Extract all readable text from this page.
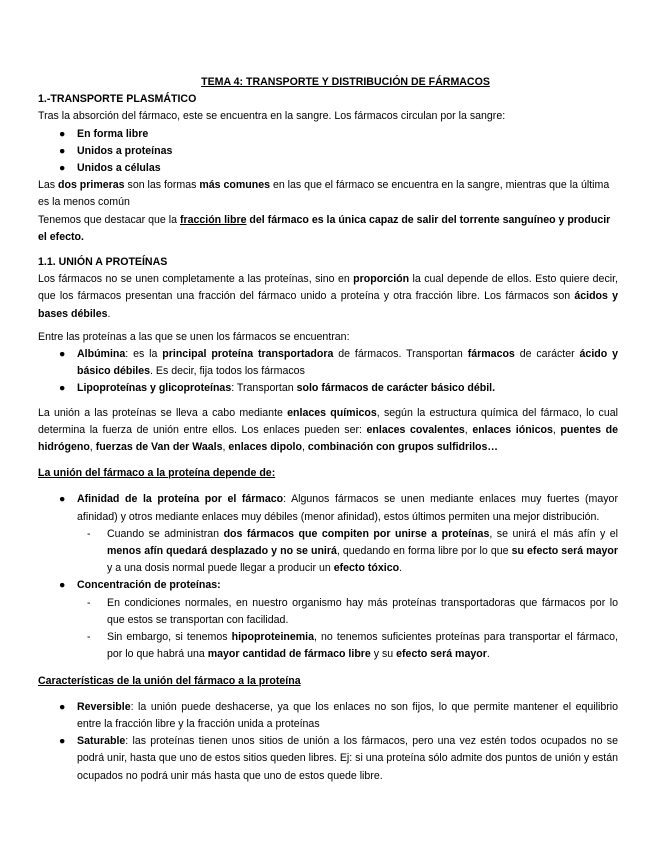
TEMA 4: TRANSPORTE Y DISTRIBUCIÓN DE FÁRMACOS
1.-TRANSPORTE PLASMÁTICO
Tras la absorción del fármaco, este se encuentra en la sangre. Los fármacos circulan por la sangre:
● En forma libre
● Unidos a proteínas
● Unidos a células
Las dos primeras son las formas más comunes en las que el fármaco se encuentra en la sangre, mientras que la última es la menos común
Tenemos que destacar que la fracción libre del fármaco es la única capaz de salir del torrente sanguíneo y producir el efecto.
1.1. UNIÓN A PROTEÍNAS
Los fármacos no se unen completamente a las proteínas, sino en proporción la cual depende de ellos. Esto quiere decir, que los fármacos presentan una fracción del fármaco unido a proteína y otra fracción libre. Los fármacos son ácidos y bases débiles.
Entre las proteínas a las que se unen los fármacos se encuentran:
● Albúmina: es la principal proteína transportadora de fármacos. Transportan fármacos de carácter ácido y básico débiles. Es decir, fija todos los fármacos
● Lipoproteínas y glicoproteínas: Transportan solo fármacos de carácter básico débil.
La unión a las proteínas se lleva a cabo mediante enlaces químicos, según la estructura química del fármaco, lo cual determina la fuerza de unión entre ellos. Los enlaces pueden ser: enlaces covalentes, enlaces iónicos, puentes de hidrógeno, fuerzas de Van der Waals, enlaces dipolo, combinación con grupos sulfidrilos…
La unión del fármaco a la proteína depende de:
● Afinidad de la proteína por el fármaco: Algunos fármacos se unen mediante enlaces muy fuertes (mayor afinidad) y otros mediante enlaces muy débiles (menor afinidad), estos últimos permiten una mejor distribución.
- Cuando se administran dos fármacos que compiten por unirse a proteínas, se unirá el más afín y el menos afín quedará desplazado y no se unirá, quedando en forma libre por lo que su efecto será mayor y a una dosis normal puede llegar a producir un efecto tóxico.
● Concentración de proteínas:
- En condiciones normales, en nuestro organismo hay más proteínas transportadoras que fármacos por lo que estos se transportan con facilidad.
- Sin embargo, si tenemos hipoproteinemia, no tenemos suficientes proteínas para transportar el fármaco, por lo que habrá una mayor cantidad de fármaco libre y su efecto será mayor.
Características de la unión del fármaco a la proteína
● Reversible: la unión puede deshacerse, ya que los enlaces no son fijos, lo que permite mantener el equilibrio entre la fracción libre y la fracción unida a proteínas
● Saturable: las proteínas tienen unos sitios de unión a los fármacos, pero una vez estén todos ocupados no se podrá unir, hasta que uno de estos sitios queden libres. Ej: si una proteína sólo admite dos puntos de unión y están ocupados no podrá unir más hasta que uno de estos quede libre.
